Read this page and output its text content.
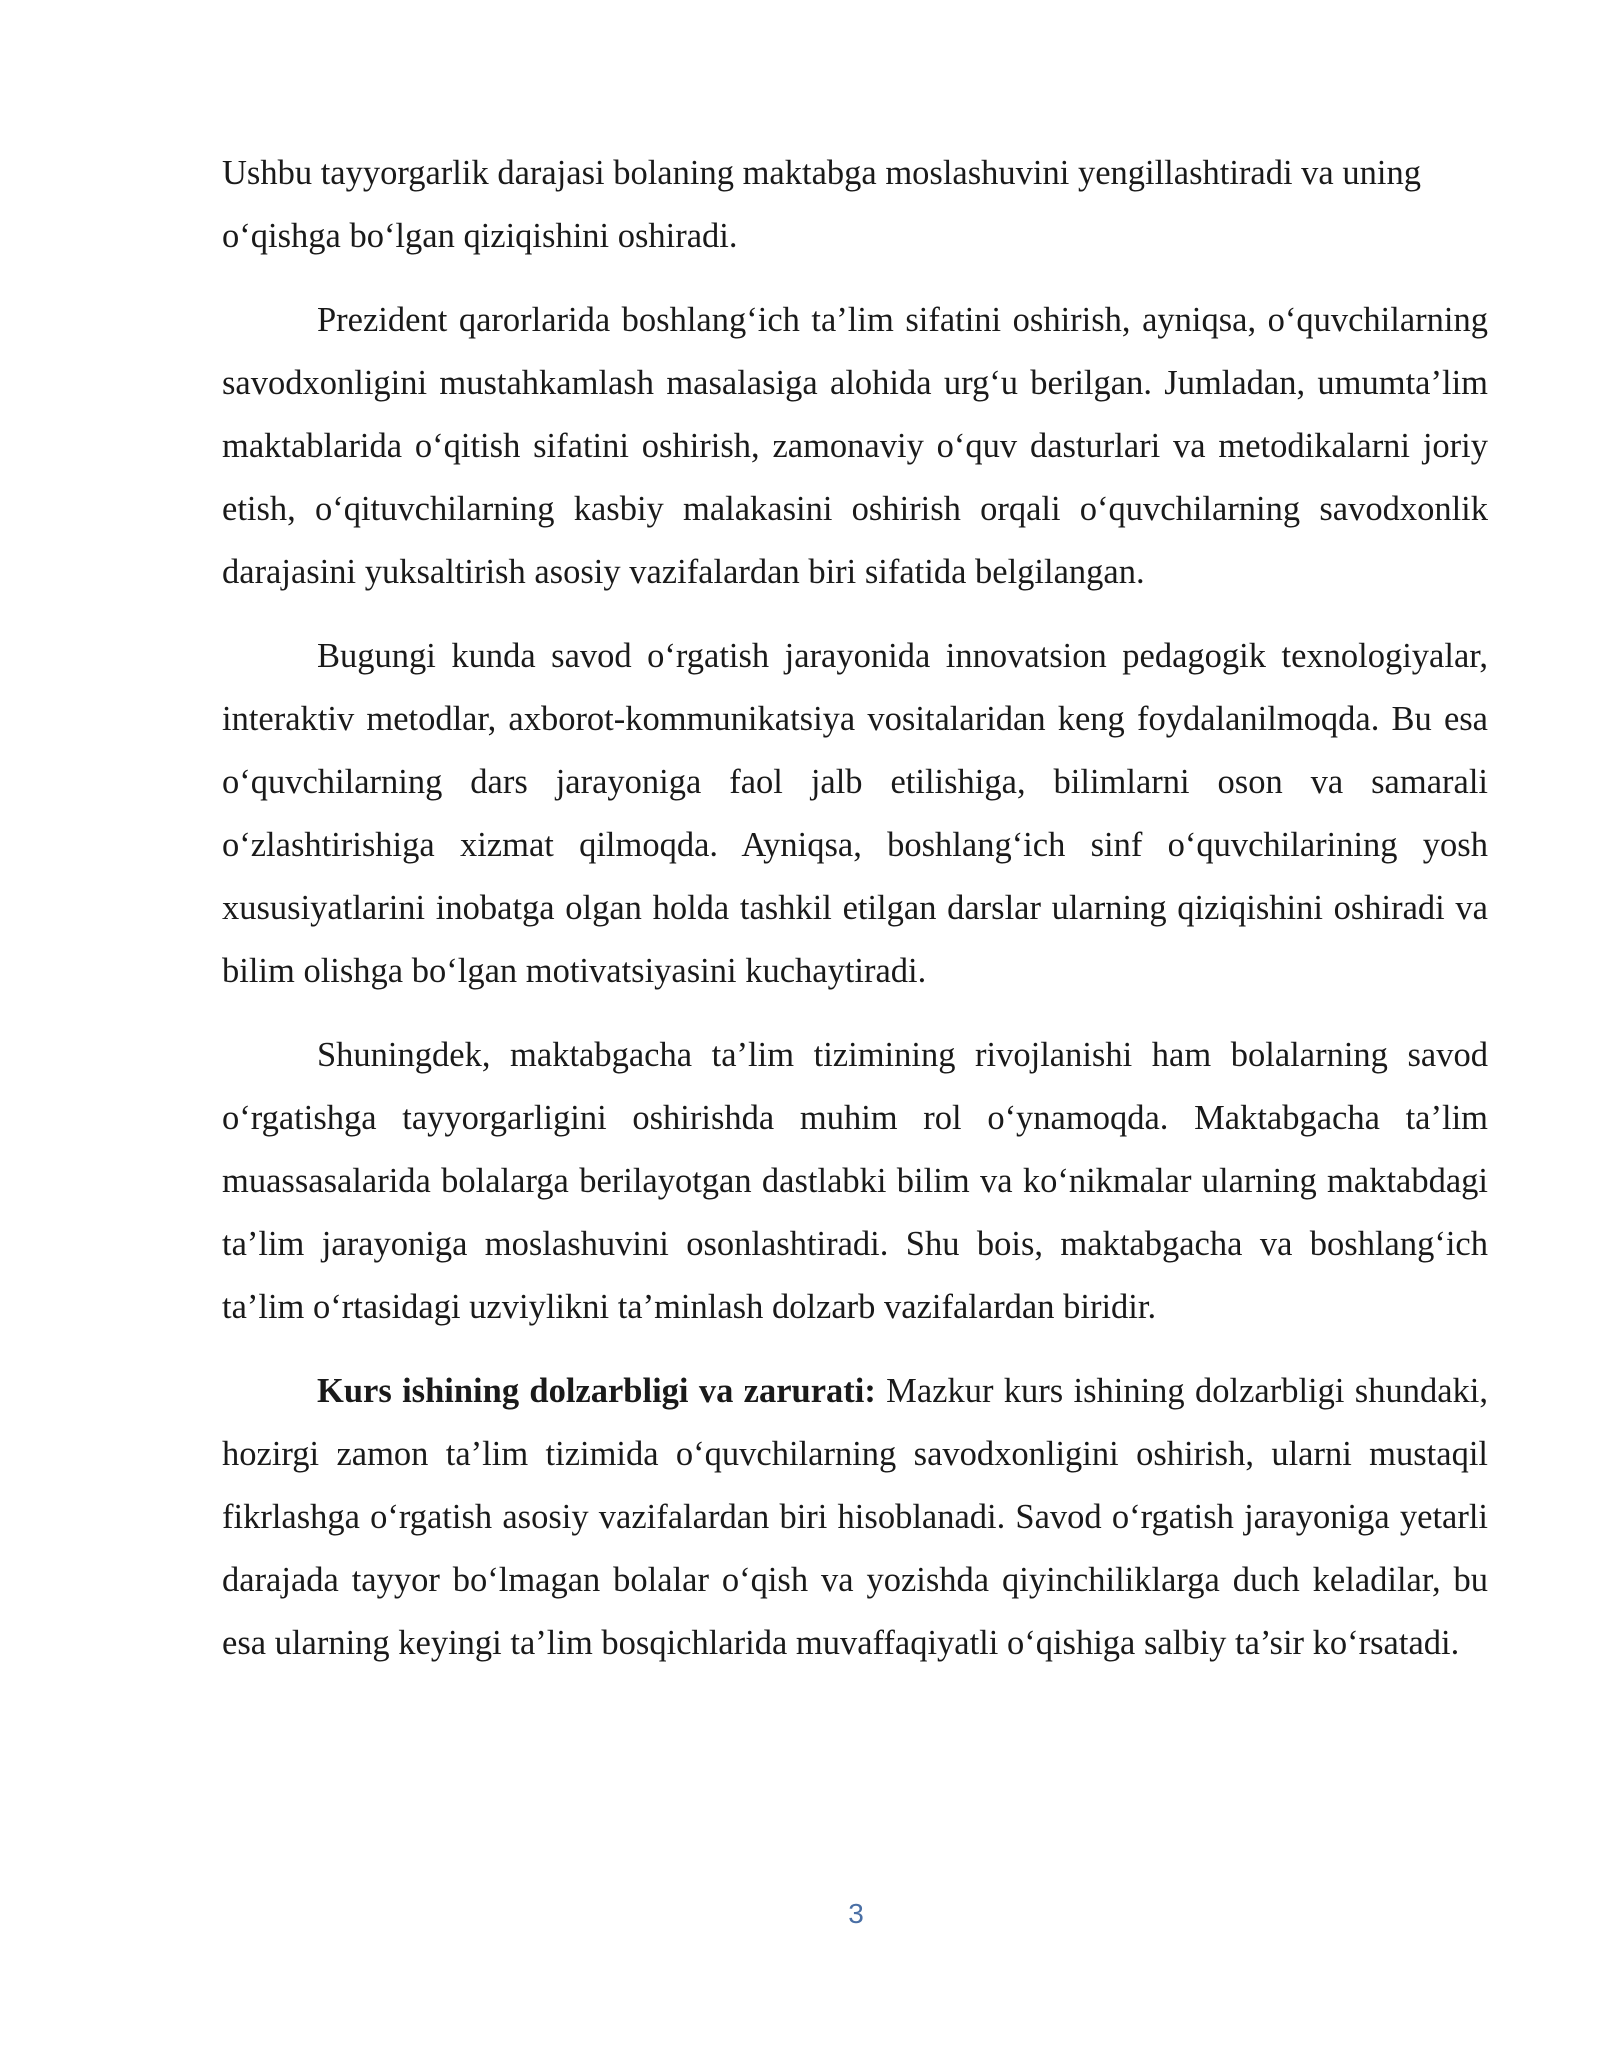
Ushbu tayyorgarlik darajasi bolaning maktabga moslashuvini yengillashtiradi va uning o‘qishga bo‘lgan qiziqishini oshiradi.

Prezident qarorlarida boshlang‘ich ta’lim sifatini oshirish, ayniqsa, o‘quvchilarning savodxonligini mustahkamlash masalasiga alohida urg‘u berilgan. Jumladan, umumta’lim maktablarida o‘qitish sifatini oshirish, zamonaviy o‘quv dasturlari va metodikalarni joriy etish, o‘qituvchilarning kasbiy malakasini oshirish orqali o‘quvchilarning savodxonlik darajasini yuksaltirish asosiy vazifalardan biri sifatida belgilangan.

Bugungi kunda savod o‘rgatish jarayonida innovatsion pedagogik texnologiyalar, interaktiv metodlar, axborot-kommunikatsiya vositalaridan keng foydalanilmoqda. Bu esa o‘quvchilarning dars jarayoniga faol jalb etilishiga, bilimlarni oson va samarali o‘zlashtirishiga xizmat qilmoqda. Ayniqsa, boshlang‘ich sinf o‘quvchilarining yosh xususiyatlarini inobatga olgan holda tashkil etilgan darslar ularning qiziqishini oshiradi va bilim olishga bo‘lgan motivatsiyasini kuchaytiradi.

Shuningdek, maktabgacha ta’lim tizimining rivojlanishi ham bolalarning savod o‘rgatishga tayyorgarligini oshirishda muhim rol o‘ynamoqda. Maktabgacha ta’lim muassasalarida bolalarga berilayotgan dastlabki bilim va ko‘nikmalar ularning maktabdagi ta’lim jarayoniga moslashuvini osonlashtiradi. Shu bois, maktabgacha va boshlang‘ich ta’lim o‘rtasidagi uzviylikni ta’minlash dolzarb vazifalardan biridir.

Kurs ishining dolzarbligi va zarurati: Mazkur kurs ishining dolzarbligi shundaki, hozirgi zamon ta’lim tizimida o‘quvchilarning savodxonligini oshirish, ularni mustaqil fikrlashga o‘rgatish asosiy vazifalardan biri hisoblanadi. Savod o‘rgatish jarayoniga yetarli darajada tayyor bo‘lmagan bolalar o‘qish va yozishda qiyinchiliklarga duch keladilar, bu esa ularning keyingi ta’lim bosqichlarida muvaffaqiyatli o‘qishiga salbiy ta’sir ko‘rsatadi.

3
